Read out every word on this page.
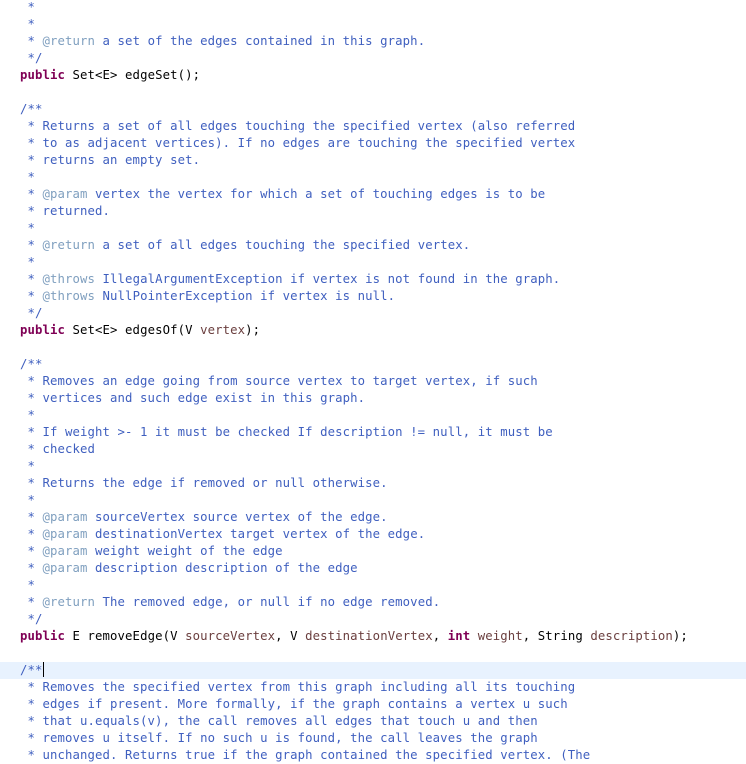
*
*
* @return a set of the edges contained in this graph.
*/
public Set<E> edgeSet();
/**
* Returns a set of all edges touching the specified vertex (also referred
* to as adjacent vertices). If no edges are touching the specified vertex
* returns an empty set.
*
* @param vertex the vertex for which a set of touching edges is to be
* returned.
*
* @return a set of all edges touching the specified vertex.
*
* @throws IllegalArgumentException if vertex is not found in the graph.
* @throws NullPointerException if vertex is null.
*/
public Set<E> edgesOf(V vertex);
/**
* Removes an edge going from source vertex to target vertex, if such
* vertices and such edge exist in this graph.
*
* If weight >- 1 it must be checked If description != null, it must be
* checked
*
* Returns the edge if removed or null otherwise.
*
* @param sourceVertex source vertex of the edge.
* @param destinationVertex target vertex of the edge.
* @param weight weight of the edge
* @param description description of the edge
*
* @return The removed edge, or null if no edge removed.
*/
public E removeEdge(V sourceVertex, V destinationVertex, int weight, String description);
/**
* Removes the specified vertex from this graph including all its touching
* edges if present. More formally, if the graph contains a vertex u such
* that u.equals(v), the call removes all edges that touch u and then
* removes u itself. If no such u is found, the call leaves the graph
* unchanged. Returns true if the graph contained the specified vertex. (The
